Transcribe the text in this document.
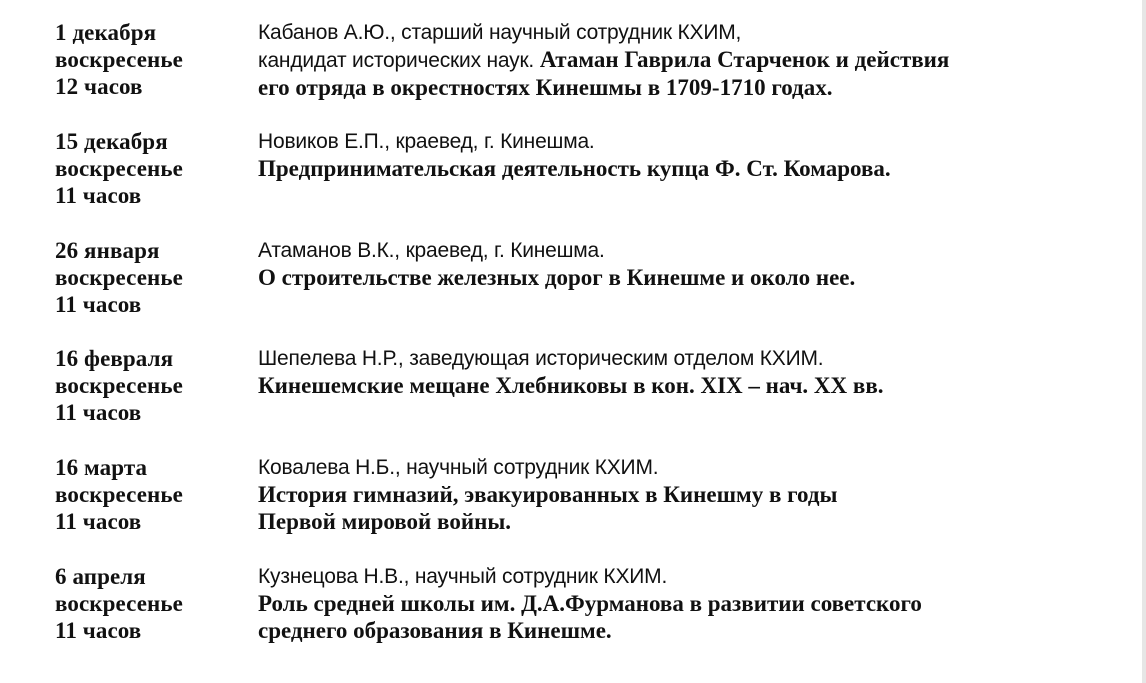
1 декабря
воскресенье
12 часов
Кабанов А.Ю., старший научный сотрудник КХИМ,
кандидат исторических наук. Атаман Гаврила Старченок и действия
его отряда в окрестностях Кинешмы в 1709-1710 годах.
15 декабря
воскресенье
11 часов
Новиков Е.П., краевед, г. Кинешма.
Предпринимательская деятельность купца Ф. Ст. Комарова.
26 января
воскресенье
11 часов
Атаманов В.К., краевед, г. Кинешма.
О строительстве железных дорог в Кинешме и около нее.
16 февраля
воскресенье
11 часов
Шепелева Н.Р., заведующая историческим отделом КХИМ.
Кинешемские мещане Хлебниковы в кон. XIX – нач. XX вв.
16 марта
воскресенье
11 часов
Ковалева Н.Б., научный сотрудник КХИМ.
История гимназий, эвакуированных в Кинешму в годы
Первой мировой войны.
6 апреля
воскресенье
11 часов
Кузнецова Н.В., научный сотрудник КХИМ.
Роль средней школы им. Д.А.Фурманова в развитии советского
среднего образования в Кинешме.
